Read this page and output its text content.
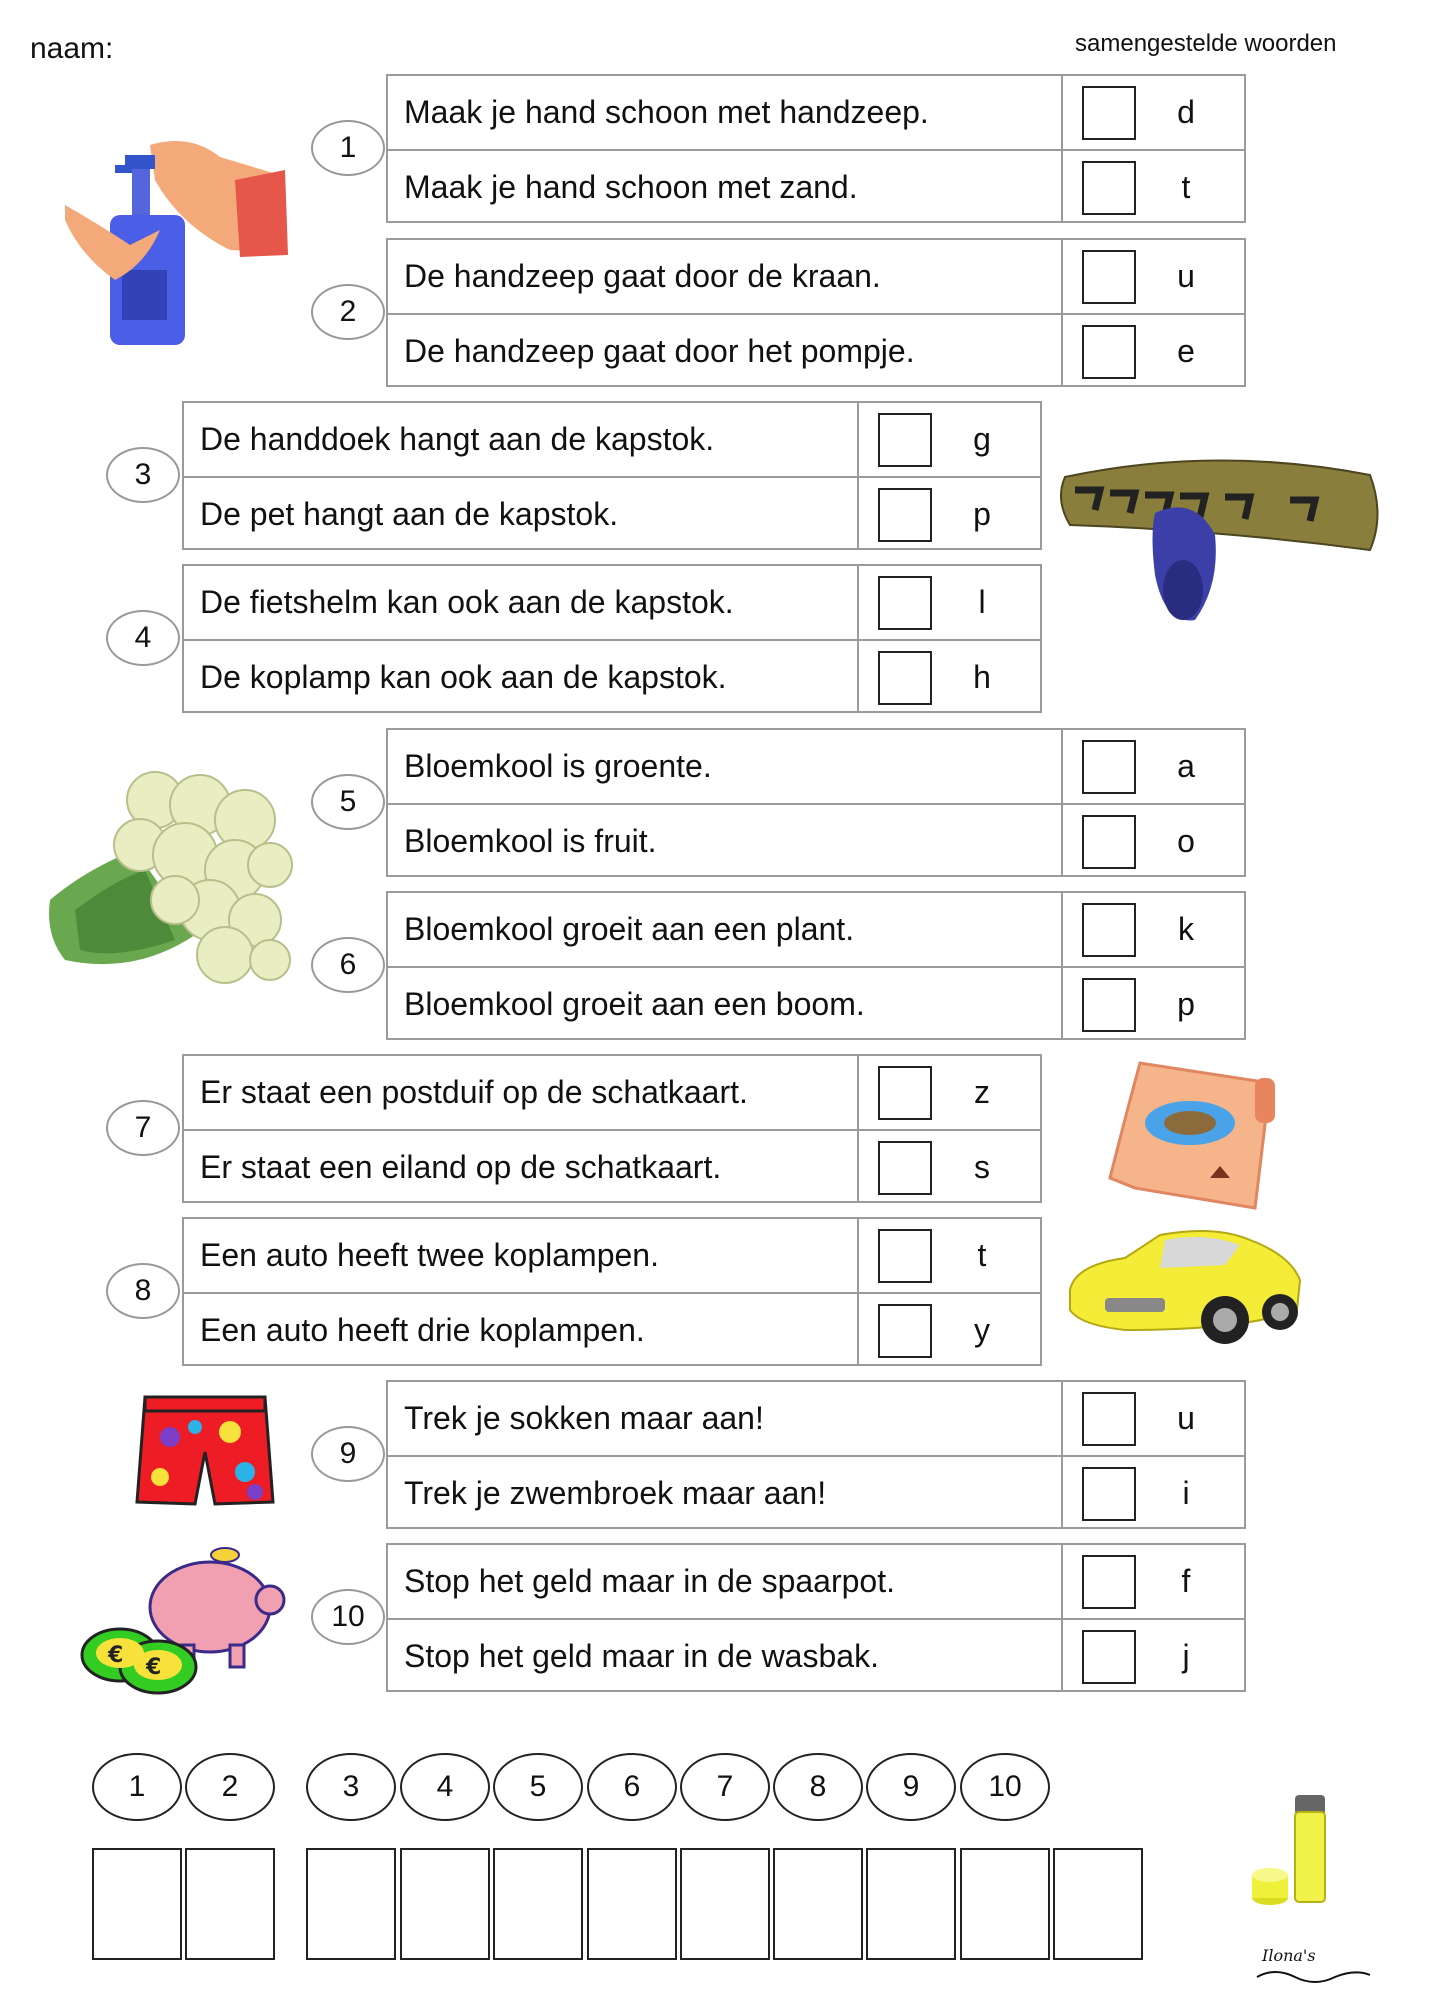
naam:	samengestelde woorden
Maak je hand schoon met handzeep.	d
Maak je hand schoon met zand.	t
1
De handzeep gaat door de kraan.	u
De handzeep gaat door het pompje.	e
2
De handdoek hangt aan de kapstok.	g
De pet hangt aan de kapstok.	p
3
De fietshelm kan ook aan de kapstok.	l
De koplamp kan ook aan de kapstok.	h
4
Bloemkool is groente.	a
Bloemkool is fruit.	o
5
Bloemkool groeit aan een plant.	k
Bloemkool groeit aan een boom.	p
6
Er staat een postduif op de schatkaart.	z
Er staat een eiland op de schatkaart.	s
7
Een auto heeft twee koplampen.	t
Een auto heeft drie koplampen.	y
8
Trek je sokken maar aan!	u
Trek je zwembroek maar aan!	i
9
Stop het geld maar in de spaarpot.	f
Stop het geld maar in de wasbak.	j
10
1	2	3	4	5	6	7	8	9	10
€ €
Ilona's
